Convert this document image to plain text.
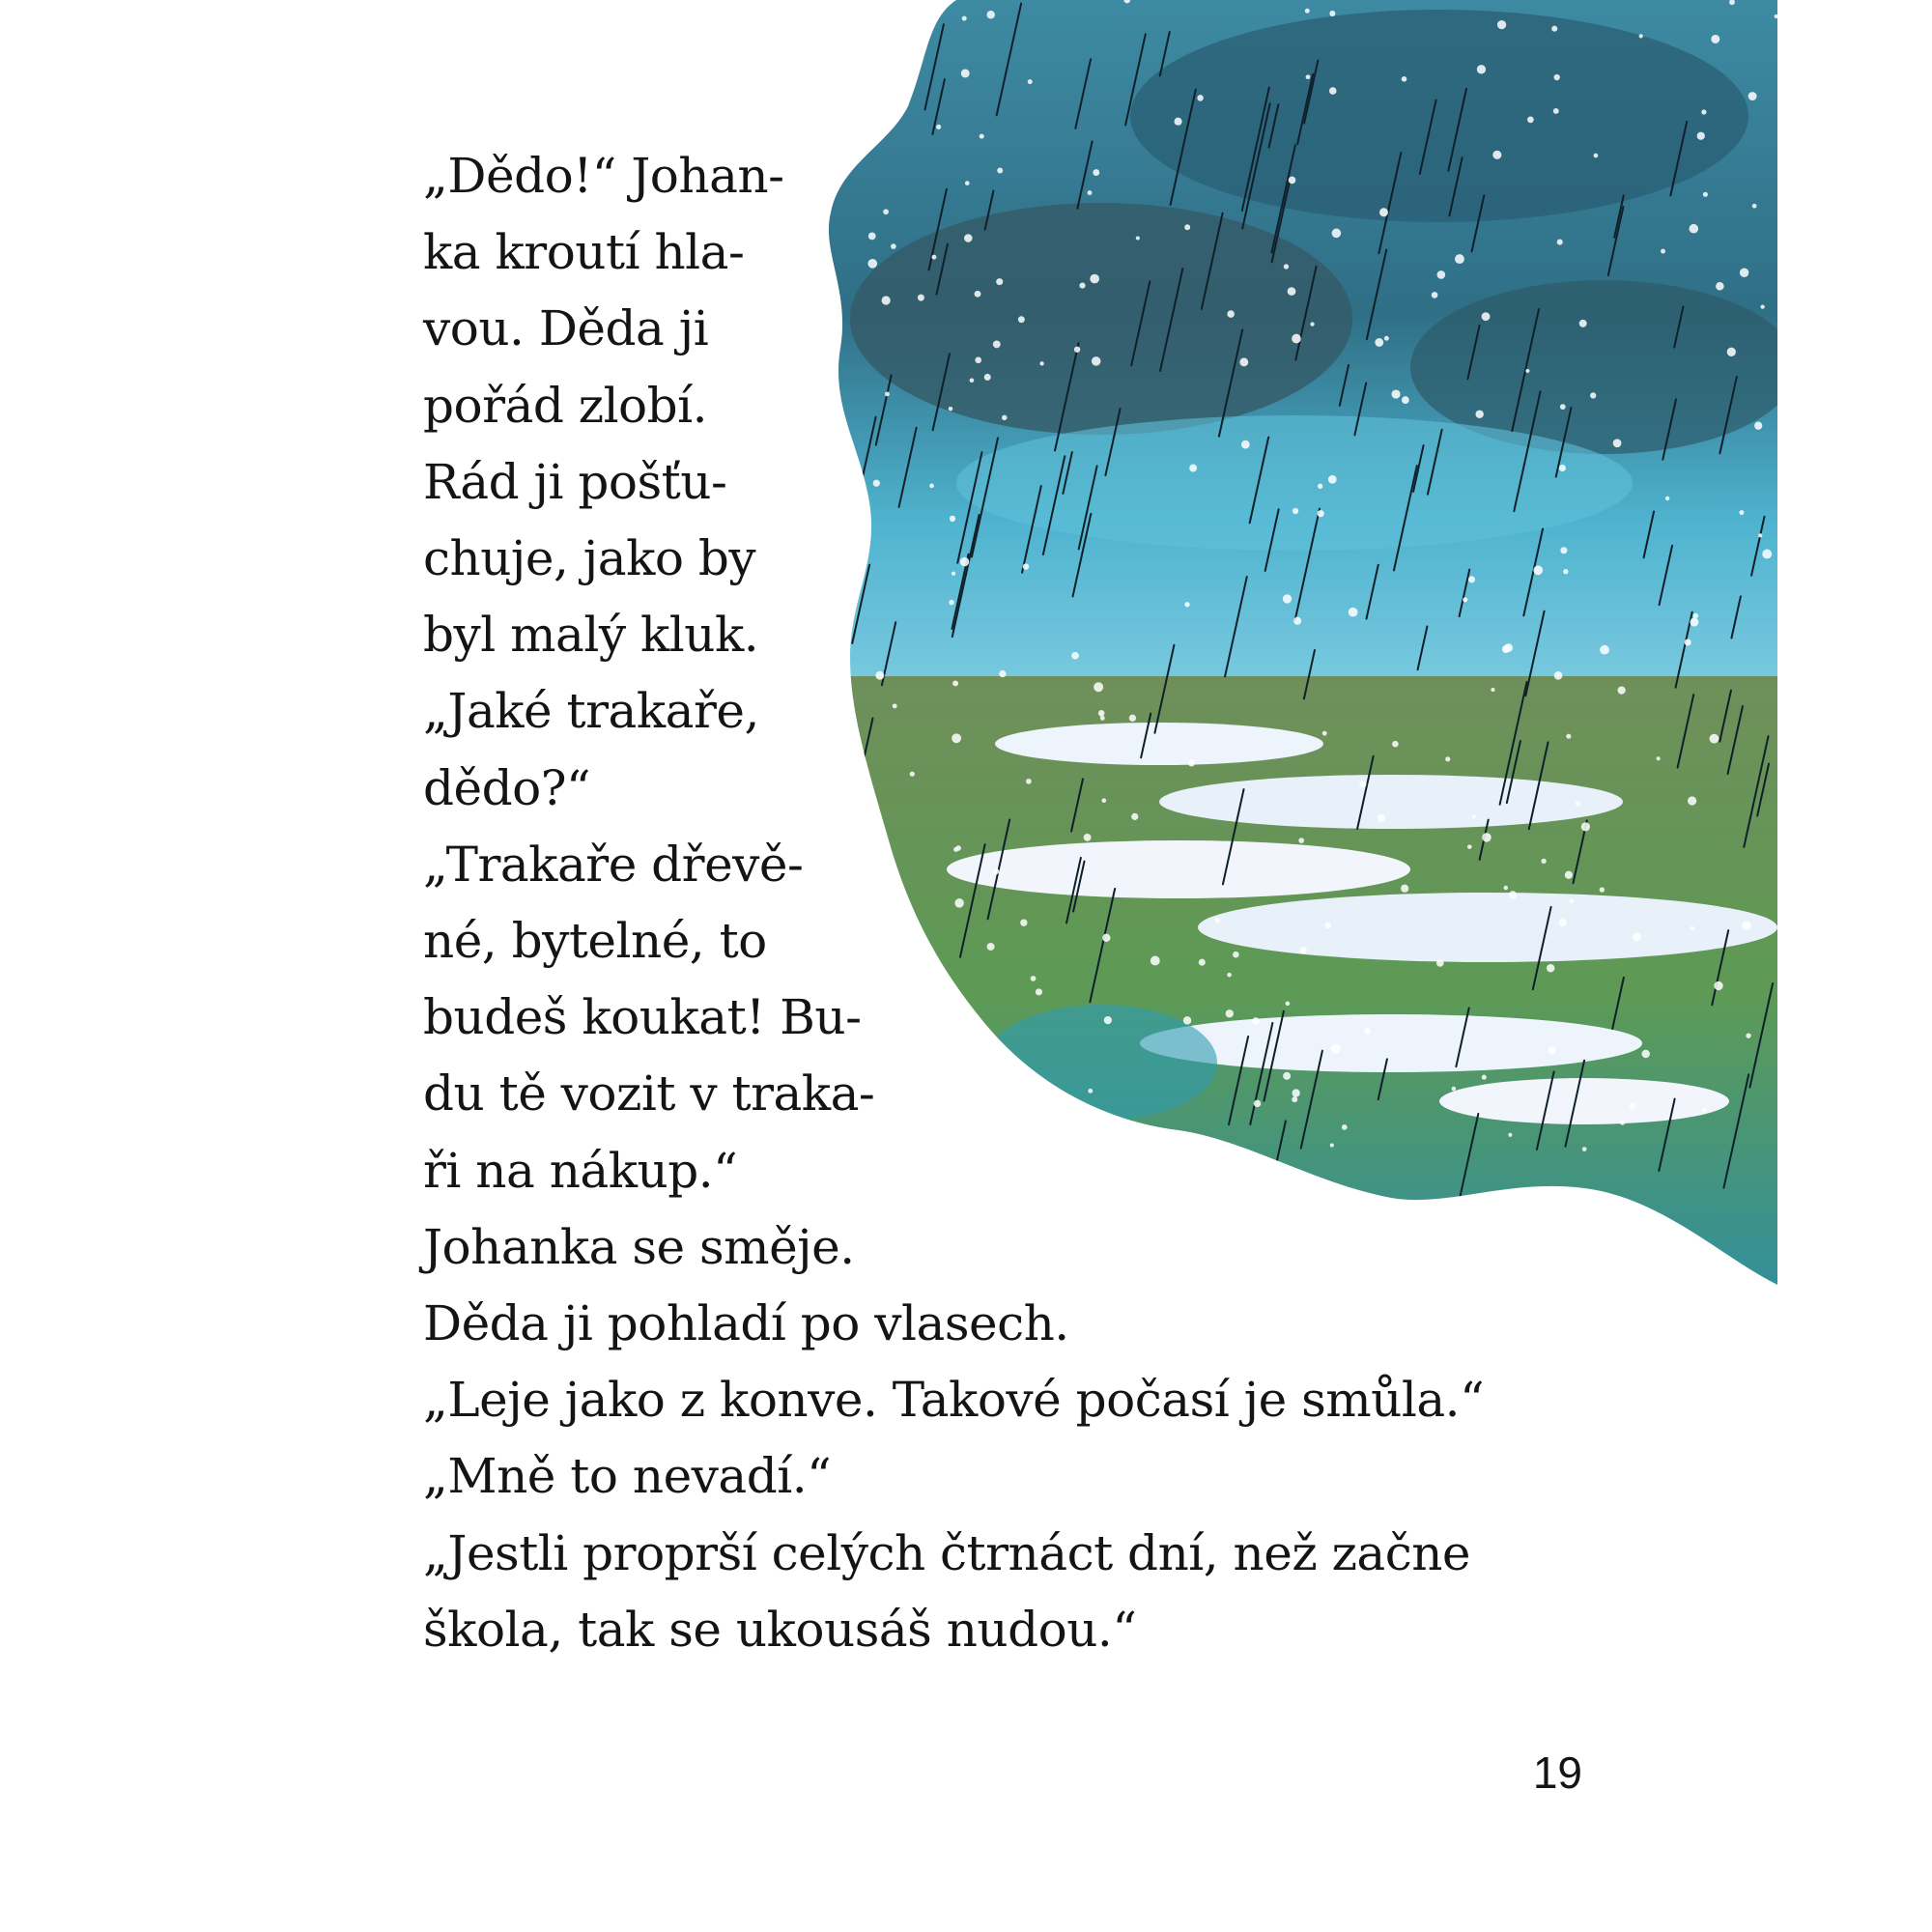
„Dědo!“ Johan-
ka kroutí hla-
vou. Děda ji
pořád zlobí.
Rád ji pošťu-
chuje, jako by
byl malý kluk.
„Jaké trakaře,
dědo?“
„Trakaře dřevě-
né, bytelné, to
budeš koukat! Bu-
du tě vozit v traka-
ři na nákup.“
Johanka se směje.
Děda ji pohladí po vlasech.
„Leje jako z konve. Takové počasí je smůla.“
„Mně to nevadí.“
„Jestli proprší celých čtrnáct dní, než začne
škola, tak se ukousáš nudou.“
19
